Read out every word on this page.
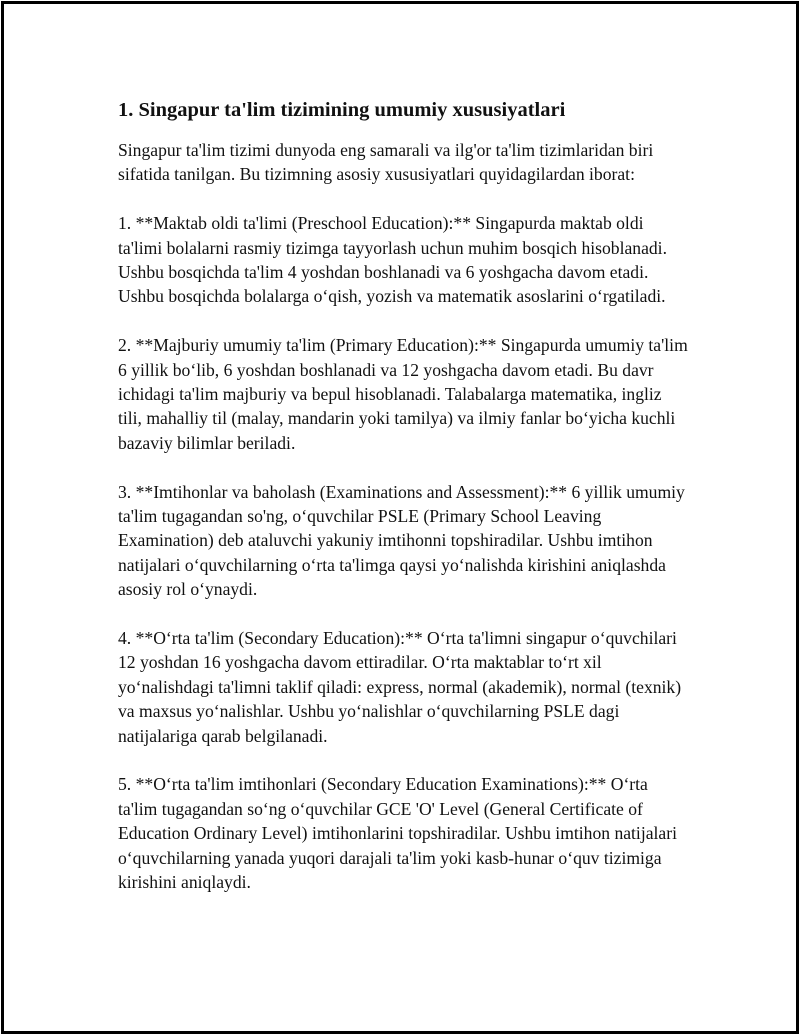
1. Singapur ta'lim tizimining umumiy xususiyatlari

Singapur ta'lim tizimi dunyoda eng samarali va ilg'or ta'lim tizimlaridan biri sifatida tanilgan. Bu tizimning asosiy xususiyatlari quyidagilardan iborat:

1. **Maktab oldi ta'limi (Preschool Education):** Singapurda maktab oldi ta'limi bolalarni rasmiy tizimga tayyorlash uchun muhim bosqich hisoblanadi. Ushbu bosqichda ta'lim 4 yoshdan boshlanadi va 6 yoshgacha davom etadi. Ushbu bosqichda bolalarga oʻqish, yozish va matematik asoslarini oʻrgatiladi.

2. **Majburiy umumiy ta'lim (Primary Education):** Singapurda umumiy ta'lim 6 yillik boʻlib, 6 yoshdan boshlanadi va 12 yoshgacha davom etadi. Bu davr ichidagi ta'lim majburiy va bepul hisoblanadi. Talabalarga matematika, ingliz tili, mahalliy til (malay, mandarin yoki tamilya) va ilmiy fanlar boʻyicha kuchli bazaviy bilimlar beriladi.

3. **Imtihonlar va baholash (Examinations and Assessment):** 6 yillik umumiy ta'lim tugagandan so'ng, oʻquvchilar PSLE (Primary School Leaving Examination) deb ataluvchi yakuniy imtihonni topshiradilar. Ushbu imtihon natijalari oʻquvchilarning oʻrta ta'limga qaysi yoʻnalishda kirishini aniqlashda asosiy rol oʻynaydi.

4. **Oʻrta ta'lim (Secondary Education):** Oʻrta ta'limni singapur oʻquvchilari 12 yoshdan 16 yoshgacha davom ettiradilar. Oʻrta maktablar toʻrt xil yoʻnalishdagi ta'limni taklif qiladi: express, normal (akademik), normal (texnik) va maxsus yoʻnalishlar. Ushbu yoʻnalishlar oʻquvchilarning PSLE dagi natijalariga qarab belgilanadi.

5. **Oʻrta ta'lim imtihonlari (Secondary Education Examinations):** Oʻrta ta'lim tugagandan soʻng oʻquvchilar GCE 'O' Level (General Certificate of Education Ordinary Level) imtihonlarini topshiradilar. Ushbu imtihon natijalari oʻquvchilarning yanada yuqori darajali ta'lim yoki kasb-hunar oʻquv tizimiga kirishini aniqlaydi.
